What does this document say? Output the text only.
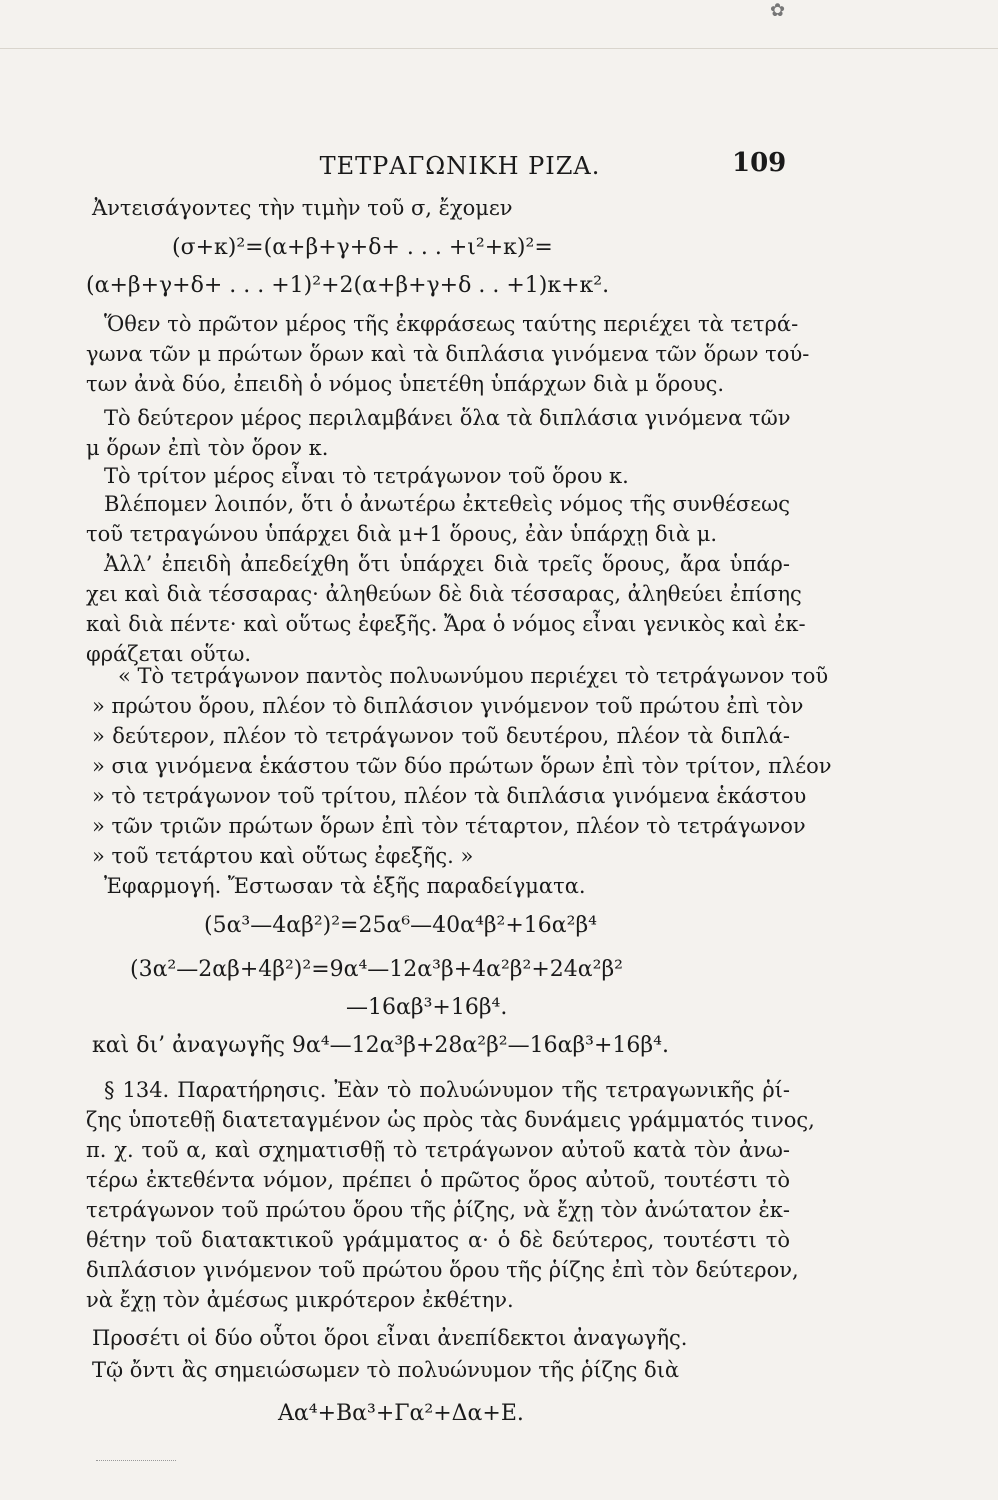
✿
ΤΕΤΡΑΓΩΝΙΚΗ ΡΙΖΑ.	109
Ἀντεισάγοντες τὴν τιμὴν τοῦ σ, ἔχομεν
(σ+κ)²=(α+β+γ+δ+ . . . +ι²+κ)²=
(α+β+γ+δ+ . . . +1)²+2(α+β+γ+δ . . +1)κ+κ².
Ὅθεν τὸ πρῶτον μέρος τῆς ἐκφράσεως ταύτης περιέχει τὰ τετρά-
γωνα τῶν μ πρώτων ὅρων καὶ τὰ διπλάσια γινόμενα τῶν ὅρων τού-
των ἀνὰ δύο, ἐπειδὴ ὁ νόμος ὑπετέθη ὑπάρχων διὰ μ ὅρους.
Τὸ δεύτερον μέρος περιλαμβάνει ὅλα τὰ διπλάσια γινόμενα τῶν
μ ὅρων ἐπὶ τὸν ὅρον κ.
Τὸ τρίτον μέρος εἶναι τὸ τετράγωνον τοῦ ὅρου κ.
Βλέπομεν λοιπόν, ὅτι ὁ ἀνωτέρω ἐκτεθεὶς νόμος τῆς συνθέσεως
τοῦ τετραγώνου ὑπάρχει διὰ μ+1 ὅρους, ἐὰν ὑπάρχῃ διὰ μ.
Ἀλλ’ ἐπειδὴ ἀπεδείχθη ὅτι ὑπάρχει διὰ τρεῖς ὅρους, ἄρα ὑπάρ-
χει καὶ διὰ τέσσαρας· ἀληθεύων δὲ διὰ τέσσαρας, ἀληθεύει ἐπίσης
καὶ διὰ πέντε· καὶ οὕτως ἐφεξῆς. Ἄρα ὁ νόμος εἶναι γενικὸς καὶ ἐκ-
φράζεται οὕτω.
« Τὸ τετράγωνον παντὸς πολυωνύμου περιέχει τὸ τετράγωνον τοῦ
» πρώτου ὅρου, πλέον τὸ διπλάσιον γινόμενον τοῦ πρώτου ἐπὶ τὸν
» δεύτερον, πλέον τὸ τετράγωνον τοῦ δευτέρου, πλέον τὰ διπλά-
» σια γινόμενα ἑκάστου τῶν δύο πρώτων ὅρων ἐπὶ τὸν τρίτον, πλέον
» τὸ τετράγωνον τοῦ τρίτου, πλέον τὰ διπλάσια γινόμενα ἑκάστου
» τῶν τριῶν πρώτων ὅρων ἐπὶ τὸν τέταρτον, πλέον τὸ τετράγωνον
» τοῦ τετάρτου καὶ οὕτως ἐφεξῆς. »
Ἐφαρμογή. Ἔστωσαν τὰ ἑξῆς παραδείγματα.
(5α³—4αβ²)²=25α⁶—40α⁴β²+16α²β⁴
(3α²—2αβ+4β²)²=9α⁴—12α³β+4α²β²+24α²β²
—16αβ³+16β⁴.
καὶ δι’ ἀναγωγῆς 9α⁴—12α³β+28α²β²—16αβ³+16β⁴.
§ 134. Παρατήρησις. Ἐὰν τὸ πολυώνυμον τῆς τετραγωνικῆς ῥί-
ζης ὑποτεθῇ διατεταγμένον ὡς πρὸς τὰς δυνάμεις γράμματός τινος,
π. χ. τοῦ α, καὶ σχηματισθῇ τὸ τετράγωνον αὐτοῦ κατὰ τὸν ἀνω-
τέρω ἐκτεθέντα νόμον, πρέπει ὁ πρῶτος ὅρος αὐτοῦ, τουτέστι τὸ
τετράγωνον τοῦ πρώτου ὅρου τῆς ῥίζης, νὰ ἔχῃ τὸν ἀνώτατον ἐκ-
θέτην τοῦ διατακτικοῦ γράμματος α· ὁ δὲ δεύτερος, τουτέστι τὸ
διπλάσιον γινόμενον τοῦ πρώτου ὅρου τῆς ῥίζης ἐπὶ τὸν δεύτερον,
νὰ ἔχῃ τὸν ἀμέσως μικρότερον ἐκθέτην.
Προσέτι οἱ δύο οὗτοι ὅροι εἶναι ἀνεπίδεκτοι ἀναγωγῆς.
Τῷ ὄντι ἂς σημειώσωμεν τὸ πολυώνυμον τῆς ῥίζης διὰ
Αα⁴+Βα³+Γα²+Δα+Ε.
